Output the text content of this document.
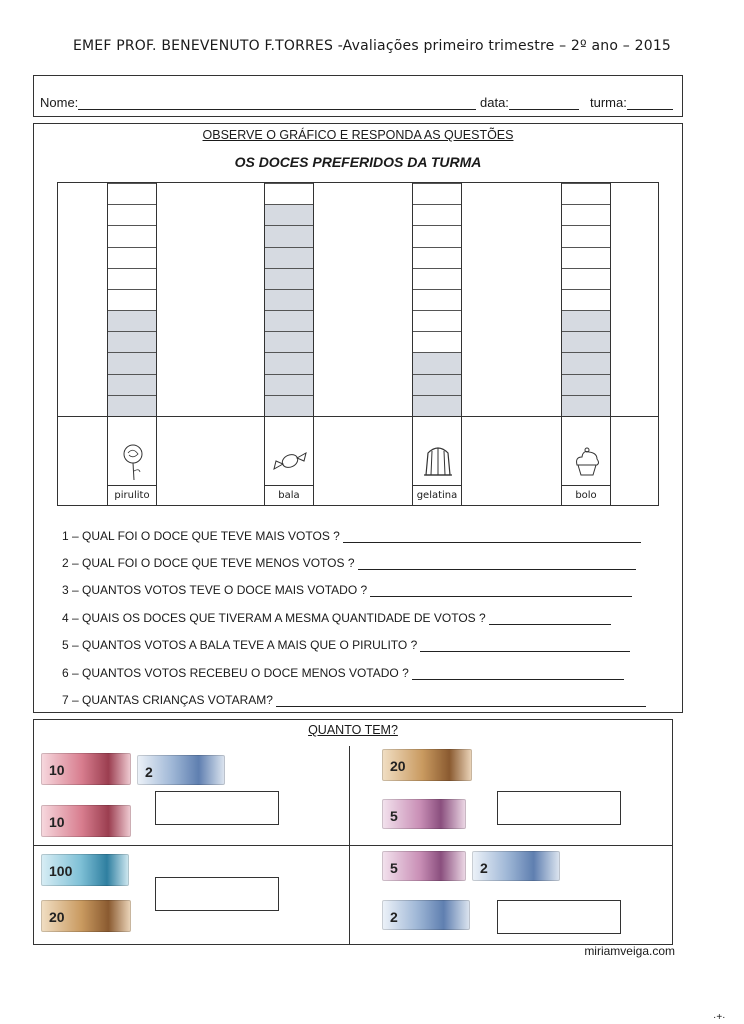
EMEF PROF. BENEVENUTO F.TORRES -Avaliações primeiro trimestre – 2º ano – 2015
Nome:	data:	turma:
OBSERVE O GRÁFICO E RESPONDA AS QUESTÕES
OS DOCES PREFERIDOS DA TURMA
pirulito	bala	gelatina	bolo
1 – QUAL FOI O DOCE QUE TEVE MAIS VOTOS ?
2 – QUAL FOI O DOCE QUE TEVE MENOS VOTOS ?
3 – QUANTOS VOTOS TEVE O DOCE MAIS VOTADO ?
4 – QUAIS OS DOCES QUE TIVERAM A MESMA QUANTIDADE DE VOTOS ?
5 – QUANTOS VOTOS A BALA TEVE A MAIS QUE O PIRULITO ?
6 – QUANTOS VOTOS RECEBEU O DOCE MENOS VOTADO ?
7 – QUANTAS CRIANÇAS VOTARAM?
QUANTO TEM?
10	2
10
20
5
100
20
5	2
2
miriamveiga.com
·+·
